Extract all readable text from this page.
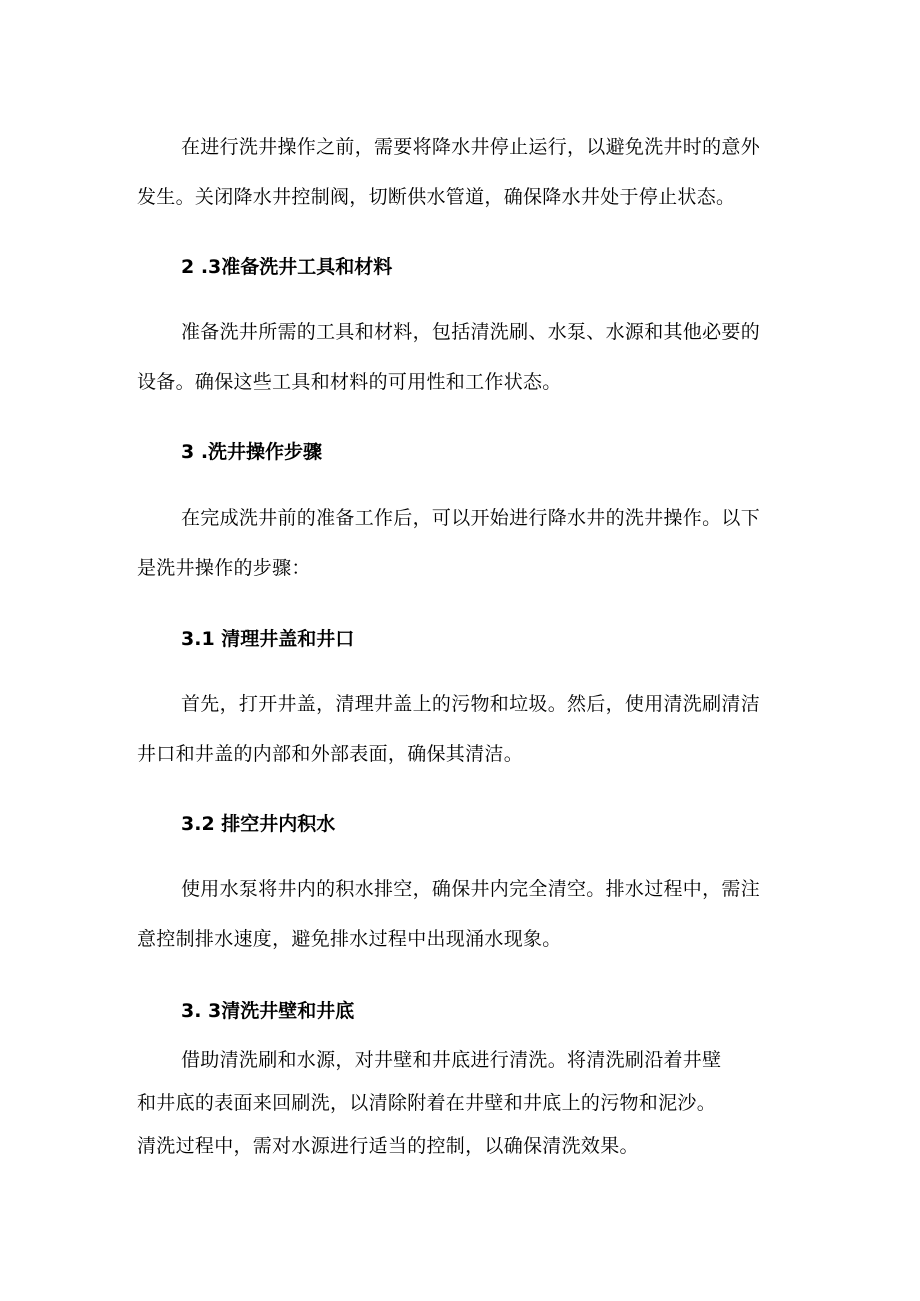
在进行洗井操作之前，需要将降水井停止运行，以避免洗井时的意外
发生。关闭降水井控制阀，切断供水管道，确保降水井处于停止状态。
2 .3准备洗井工具和材料
准备洗井所需的工具和材料，包括清洗刷、水泵、水源和其他必要的
设备。确保这些工具和材料的可用性和工作状态。
3 .洗井操作步骤
在完成洗井前的准备工作后，可以开始进行降水井的洗井操作。以下
是洗井操作的步骤：
3.1 清理井盖和井口
首先，打开井盖，清理井盖上的污物和垃圾。然后，使用清洗刷清洁
井口和井盖的内部和外部表面，确保其清洁。
3.2 排空井内积水
使用水泵将井内的积水排空，确保井内完全清空。排水过程中，需注
意控制排水速度，避免排水过程中出现涌水现象。
3. 3清洗井壁和井底
借助清洗刷和水源，对井壁和井底进行清洗。将清洗刷沿着井壁
和井底的表面来回刷洗，以清除附着在井壁和井底上的污物和泥沙。
清洗过程中，需对水源进行适当的控制，以确保清洗效果。
